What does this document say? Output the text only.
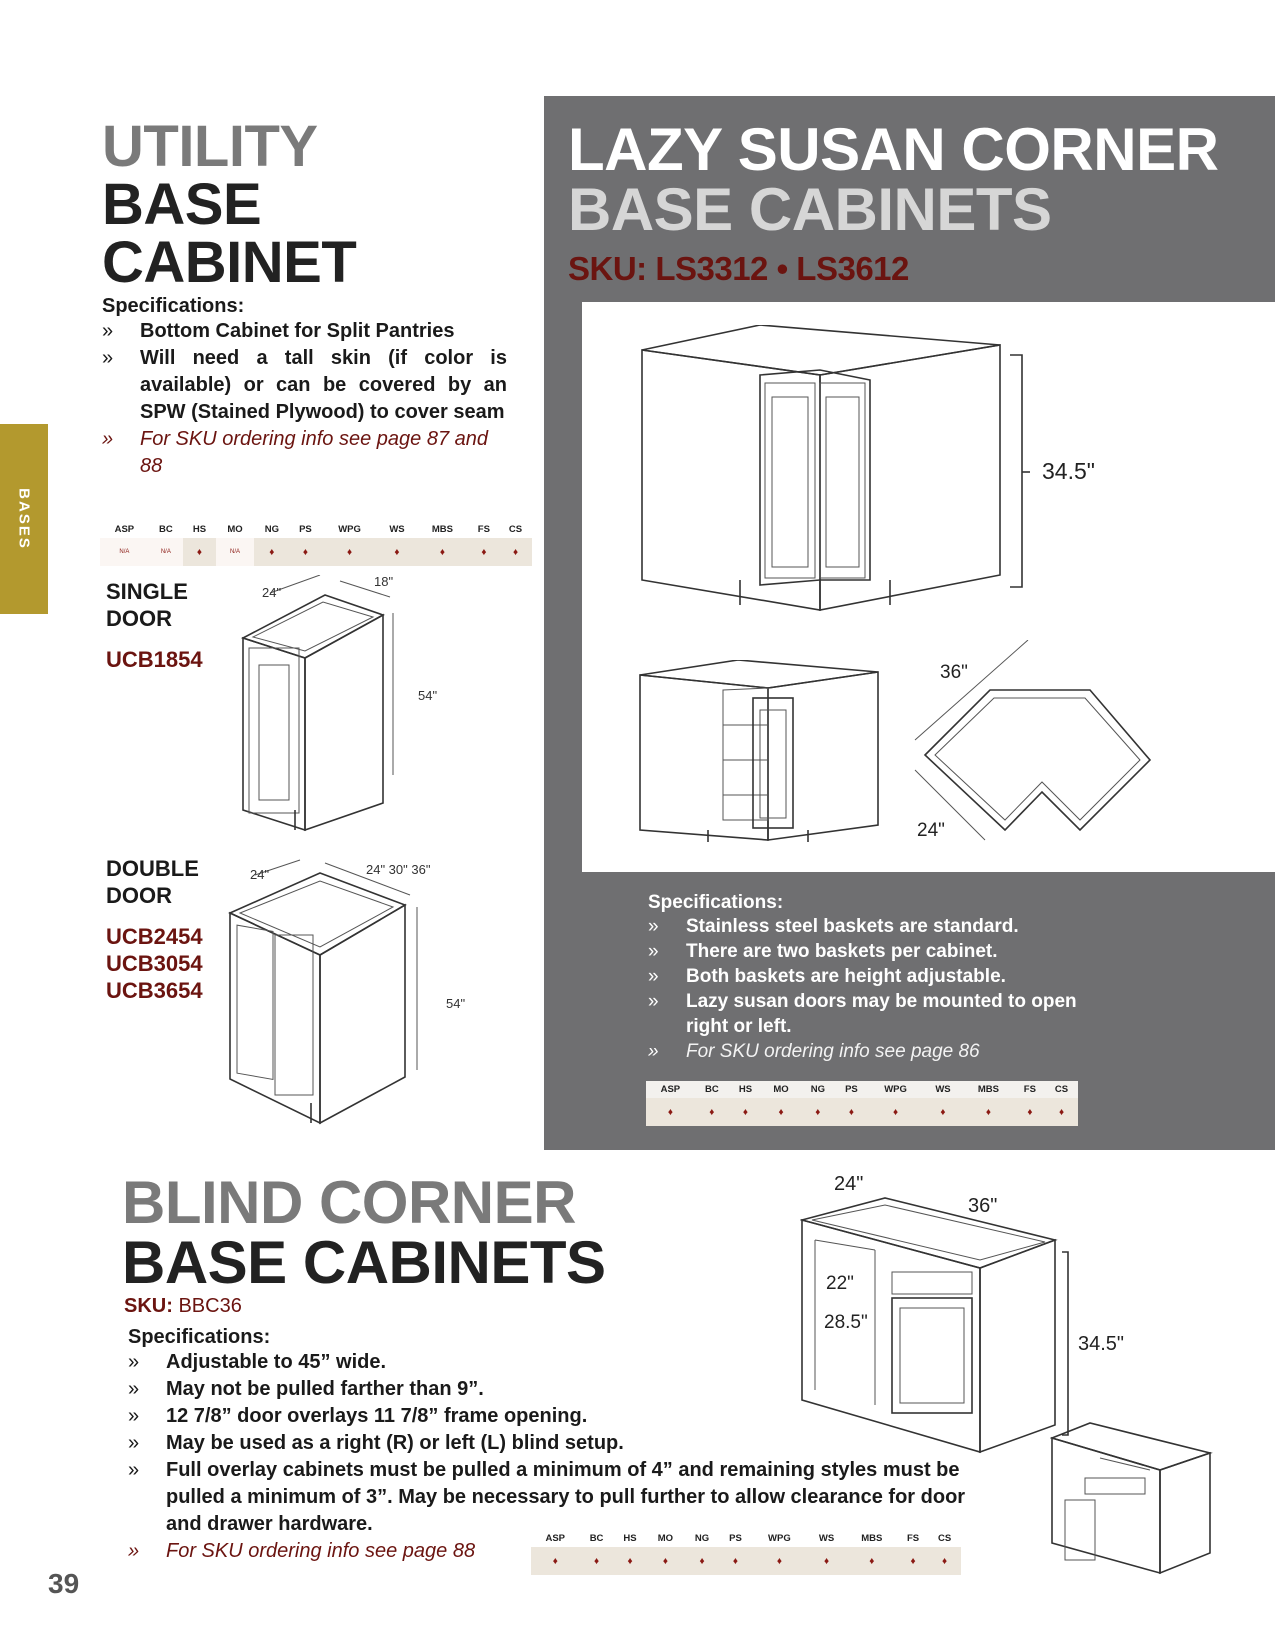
BASES
UTILITY
BASE
CABINET
Specifications:
» Bottom Cabinet for Split Pantries
» Will need a tall skin (if color is available) or can be covered by an SPW (Stained Plywood) to cover seam
» For SKU ordering info see page 87 and 88
ASP	BC	HS	MO	NG	PS	WPG	WS	MBS	FS	CS
N/A	N/A	♦	N/A	♦	♦	♦	♦	♦	♦	♦
SINGLE
DOOR
UCB1854
24"
18"
54"
DOUBLE
DOOR
UCB2454
UCB3054
UCB3654
24"	24" 30" 36"
54"
LAZY SUSAN CORNER
BASE CABINETS
SKU: LS3312 • LS3612
34.5"
36"
24"
Specifications:
» Stainless steel baskets are standard.
» There are two baskets per cabinet.
» Both baskets are height adjustable.
» Lazy susan doors may be mounted to open right or left.
» For SKU ordering info see page 86
ASP	BC	HS	MO	NG	PS	WPG	WS	MBS	FS	CS
♦	♦	♦	♦	♦	♦	♦	♦	♦	♦	♦
BLIND CORNER
BASE CABINETS
SKU: BBC36
Specifications:
» Adjustable to 45” wide.
» May not be pulled farther than 9”.
» 12 7/8” door overlays 11 7/8” frame opening.
» May be used as a right (R) or left (L) blind setup.
» Full overlay cabinets must be pulled a minimum of 4” and remaining styles must be pulled a minimum of 3”. May be necessary to pull further to allow clearance for door and drawer hardware.
» For SKU ordering info see page 88
24"
36"
22"
28.5"
34.5"
ASP	BC	HS	MO	NG	PS	WPG	WS	MBS	FS	CS
♦	♦	♦	♦	♦	♦	♦	♦	♦	♦	♦
39
